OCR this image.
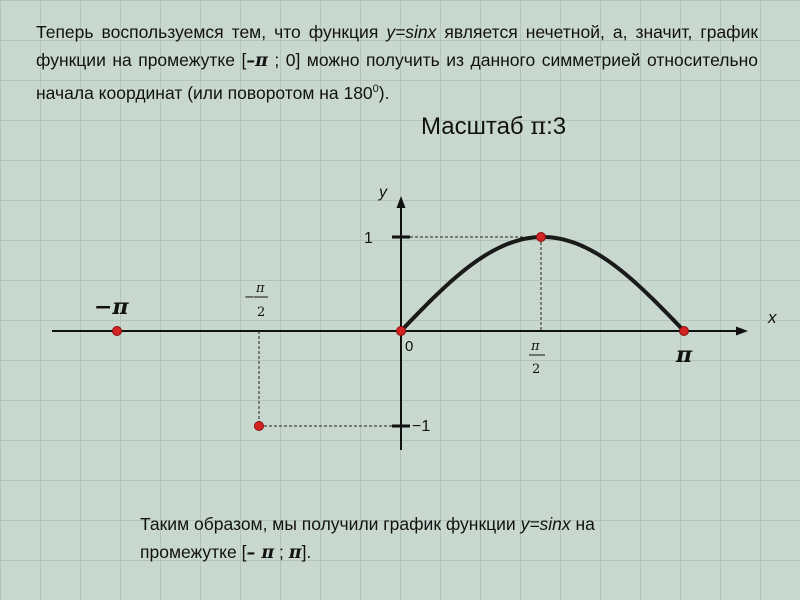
Теперь воспользуемся тем, что функция y=sinx является нечетной, а, значит, график функции на промежутке [–π ; 0] можно получить из данного симметрией относительно начала координат (или поворотом на $180^0$).

Масштаб π:3

y
x
0
1
−1
−π
π
π
2
−
π
2

Таким образом, мы получили график функции y=sinx на промежутке [– π ; π].
